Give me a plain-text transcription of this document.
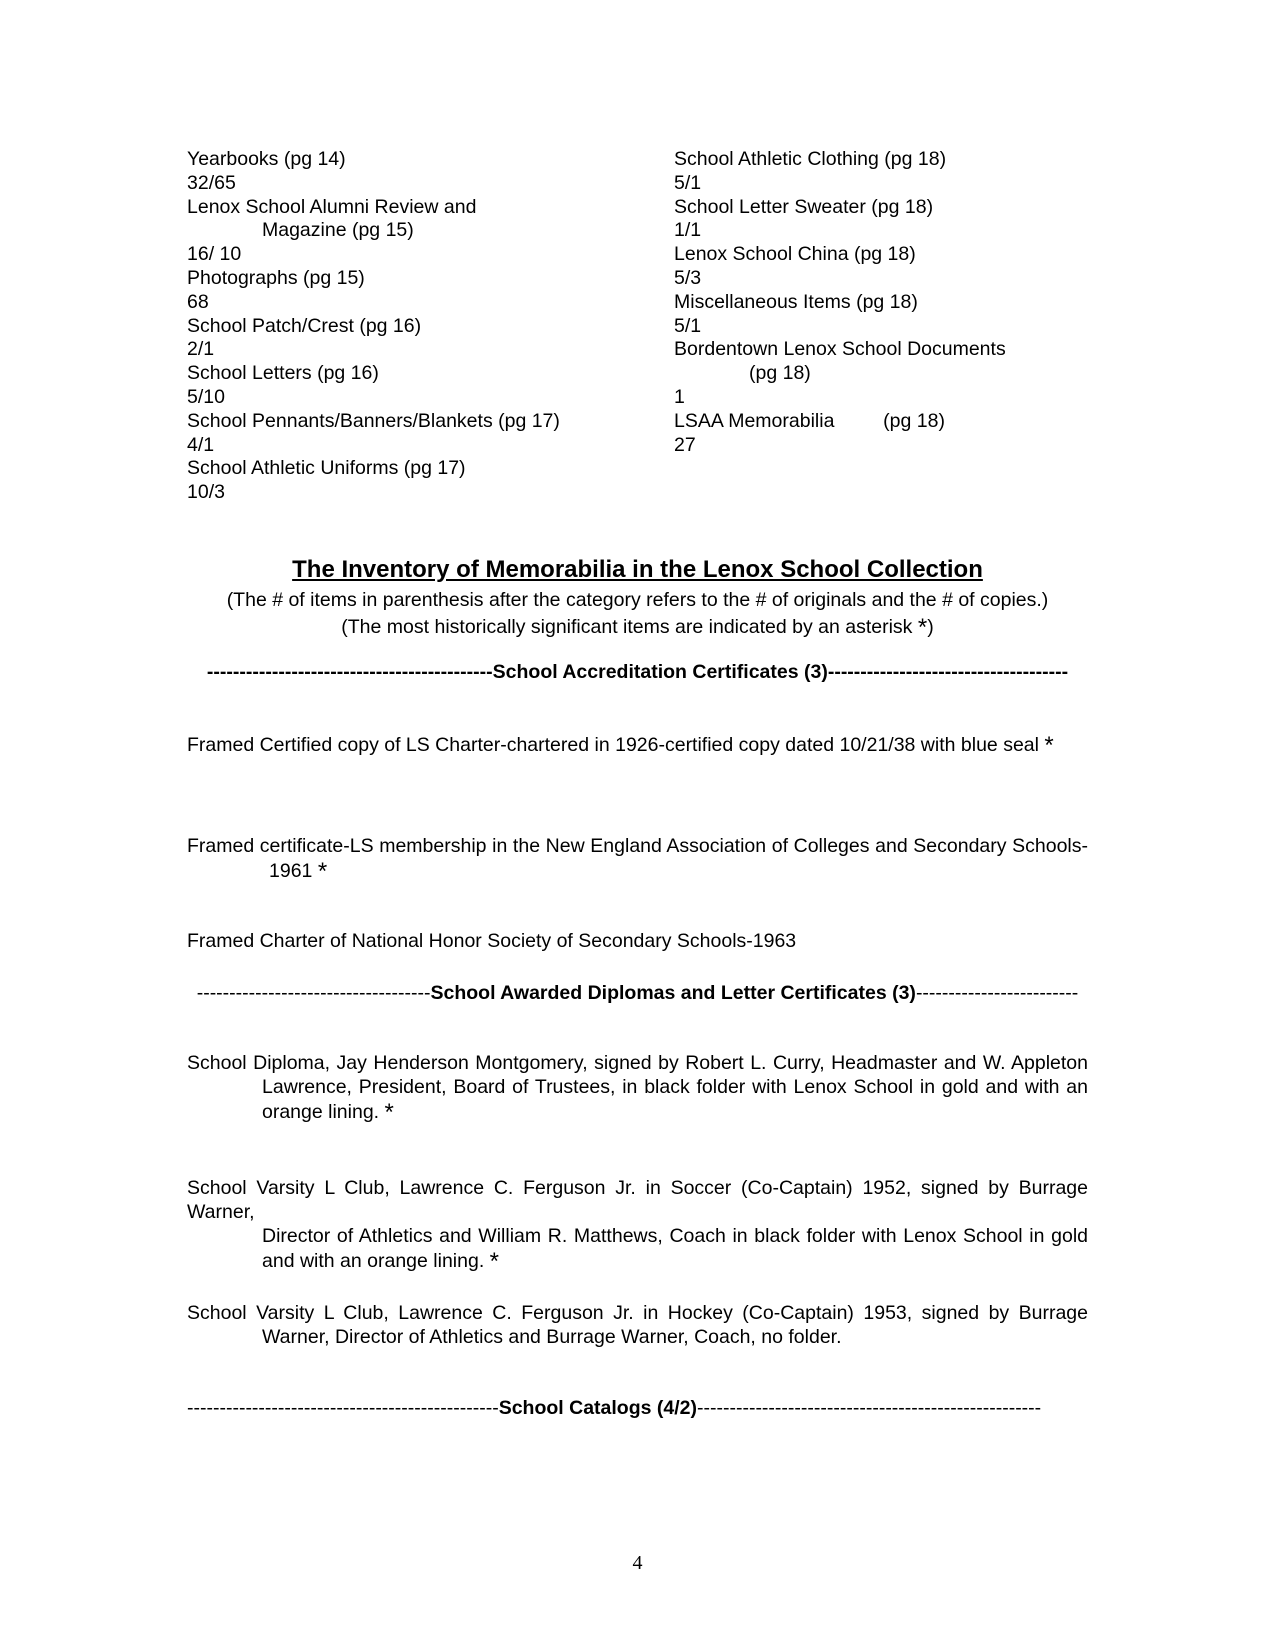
Yearbooks (pg 14)
32/65
Lenox School Alumni Review and
Magazine (pg 15)
16/ 10
Photographs (pg 15)
68
School Patch/Crest (pg 16)
2/1
School Letters (pg 16)
5/10
School Pennants/Banners/Blankets (pg 17)
4/1
School Athletic Uniforms (pg 17)
10/3
School Athletic Clothing (pg 18)
5/1
School Letter Sweater (pg 18)
1/1
Lenox School China (pg 18)
5/3
Miscellaneous Items (pg 18)
5/1
Bordentown Lenox School Documents
(pg 18)
1
LSAA Memorabilia         (pg 18)
27
The Inventory of Memorabilia in the Lenox School Collection
(The # of items in parenthesis after the category refers to the # of originals and the # of copies.)
(The most historically significant items are indicated by an asterisk *)
--------------------------------------------School Accreditation Certificates (3)-------------------------------------
Framed Certified copy of LS Charter-chartered in 1926-certified copy dated 10/21/38 with blue seal *
Framed certificate-LS membership in the New England Association of Colleges and Secondary Schools-
1961 *
Framed Charter of National Honor Society of Secondary Schools-1963
------------------------------------School Awarded Diplomas and Letter Certificates (3)-------------------------
School Diploma, Jay Henderson Montgomery, signed by Robert L. Curry, Headmaster and W. Appleton
Lawrence, President, Board of Trustees, in black folder with Lenox School in gold and with an orange lining. *
School Varsity L Club, Lawrence C. Ferguson Jr. in Soccer (Co-Captain) 1952, signed by Burrage Warner,
Director of Athletics and William R. Matthews, Coach in black folder with Lenox School in gold and with an orange lining. *
School Varsity L Club, Lawrence C. Ferguson Jr. in Hockey (Co-Captain) 1953, signed by Burrage
Warner, Director of Athletics and Burrage Warner, Coach, no folder.
------------------------------------------------School Catalogs (4/2)-----------------------------------------------------
4
